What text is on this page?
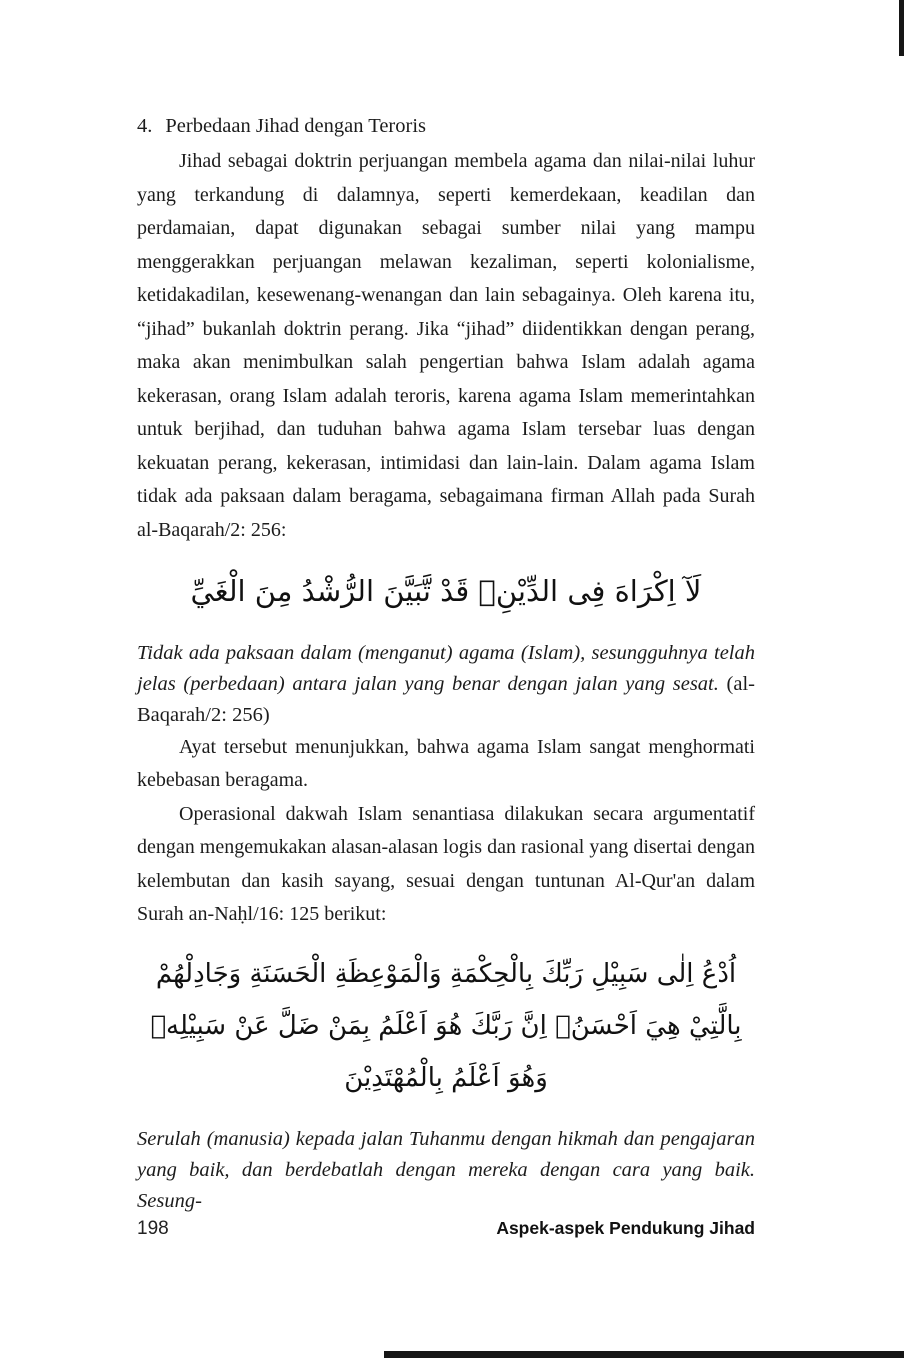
4. Perbedaan Jihad dengan Teroris

Jihad sebagai doktrin perjuangan membela agama dan nilai-nilai luhur yang terkandung di dalamnya, seperti kemerdekaan, keadilan dan perdamaian, dapat digunakan sebagai sumber nilai yang mampu menggerakkan perjuangan melawan kezaliman, seperti kolonialisme, ketidakadilan, kesewenang-wenangan dan lain sebagainya. Oleh karena itu, “jihad” bukanlah doktrin perang. Jika “jihad” diidentikkan dengan perang, maka akan menimbulkan salah pengertian bahwa Islam adalah agama kekerasan, orang Islam adalah teroris, karena agama Islam memerintahkan untuk berjihad, dan tuduhan bahwa agama Islam tersebar luas dengan kekuatan perang, kekerasan, intimidasi dan lain-lain. Dalam agama Islam tidak ada paksaan dalam beragama, sebagaimana firman Allah pada Surah al-Baqarah/2: 256:

لَآ اِكْرَاهَ فِى الدِّيْنِۗ قَدْ تَّبَيَّنَ الرُّشْدُ مِنَ الْغَيِّ

Tidak ada paksaan dalam (menganut) agama (Islam), sesungguhnya telah jelas (perbedaan) antara jalan yang benar dengan jalan yang sesat. (al-Baqarah/2: 256)

Ayat tersebut menunjukkan, bahwa agama Islam sangat menghormati kebebasan beragama.

Operasional dakwah Islam senantiasa dilakukan secara argumentatif dengan mengemukakan alasan-alasan logis dan rasional yang disertai dengan kelembutan dan kasih sayang, sesuai dengan tuntunan Al-Qur'an dalam Surah an-Naḥl/16: 125 berikut:

اُدْعُ اِلٰى سَبِيْلِ رَبِّكَ بِالْحِكْمَةِ وَالْمَوْعِظَةِ الْحَسَنَةِ وَجَادِلْهُمْ بِالَّتِيْ هِيَ اَحْسَنُۗ اِنَّ رَبَّكَ هُوَ اَعْلَمُ بِمَنْ ضَلَّ عَنْ سَبِيْلِهٖ وَهُوَ اَعْلَمُ بِالْمُهْتَدِيْنَ

Serulah (manusia) kepada jalan Tuhanmu dengan hikmah dan pengajaran yang baik, dan berdebatlah dengan mereka dengan cara yang baik. Sesung-

198	Aspek-aspek Pendukung Jihad
